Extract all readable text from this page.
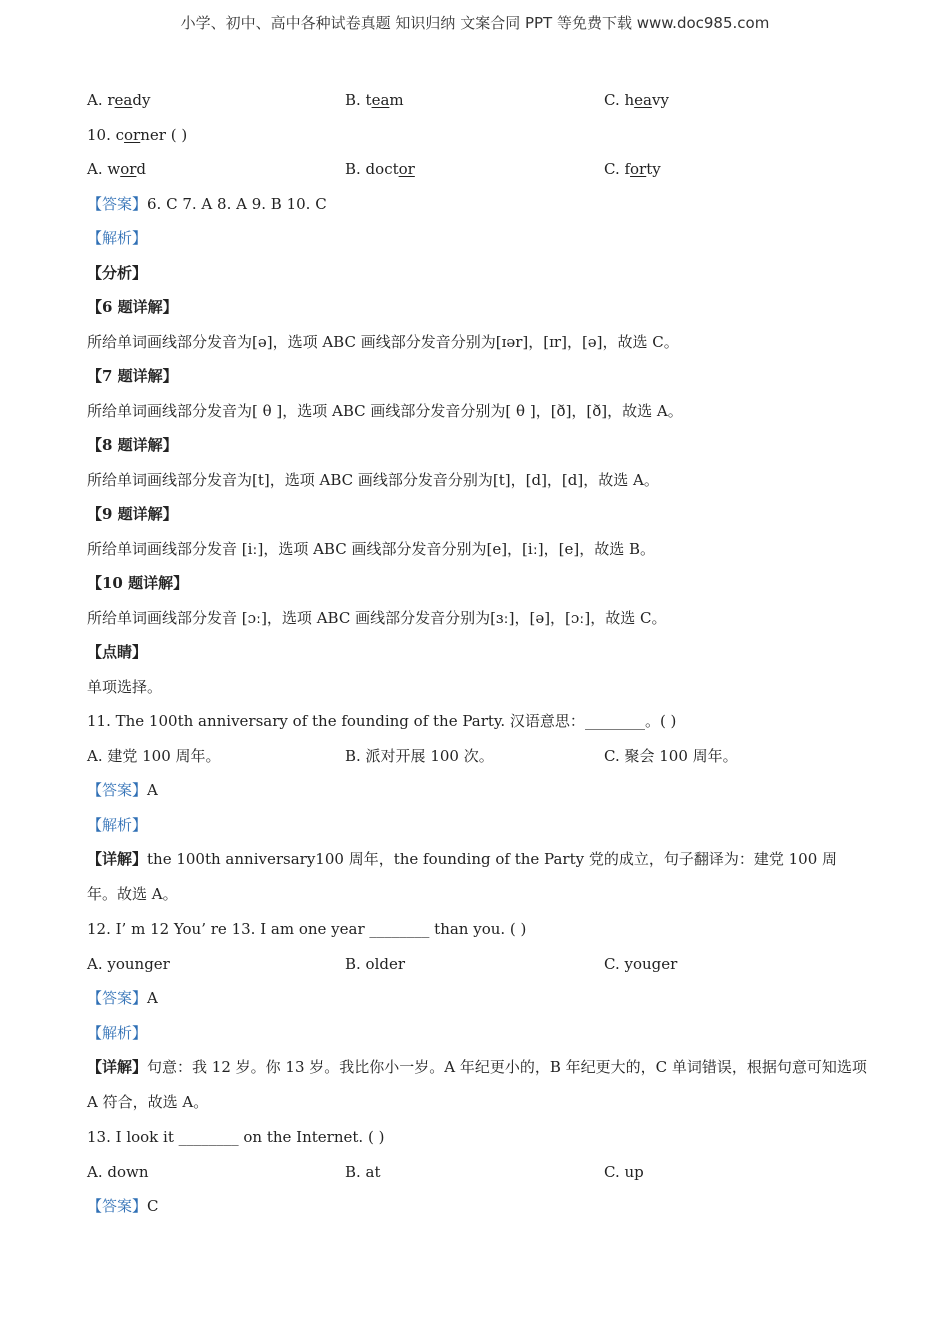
小学、初中、高中各种试卷真题 知识归纳 文案合同 PPT 等免费下载 www.doc985.com
A. ready	B. team	C. heavy
10. corner ( )
A. word	B. doctor	C. forty
【答案】6. C 7. A 8. A 9. B 10. C
【解析】
【分析】
【6 题详解】
所给单词画线部分发音为[ə]，选项 ABC 画线部分发音分别为[ɪər]，[ɪr]，[ə]，故选 C。
【7 题详解】
所给单词画线部分发音为[ θ ]，选项 ABC 画线部分发音分别为[ θ ]，[ð]，[ð]，故选 A。
【8 题详解】
所给单词画线部分发音为[t]，选项 ABC 画线部分发音分别为[t]，[d]，[d]，故选 A。
【9 题详解】
所给单词画线部分发音 [iː]，选项 ABC 画线部分发音分别为[e]，[iː]，[e]，故选 B。
【10 题详解】
所给单词画线部分发音 [ɔː]，选项 ABC 画线部分发音分别为[ɜː]，[ə]，[ɔː]，故选 C。
【点睛】
单项选择。
11. The 100th anniversary of the founding of the Party. 汉语意思：________。( )
A. 建党 100 周年。	B. 派对开展 100 次。	C. 聚会 100 周年。
【答案】A
【解析】
【详解】the 100th anniversary100 周年，the founding of the Party 党的成立，句子翻译为：建党 100 周年。故选 A。
12. I’ m 12 You’ re 13. I am one year ________ than you. ( )
A. younger	B. older	C. youger
【答案】A
【解析】
【详解】句意：我 12 岁。你 13 岁。我比你小一岁。A 年纪更小的，B 年纪更大的，C 单词错误，根据句意可知选项 A 符合，故选 A。
13. I look it ________ on the Internet. ( )
A. down	B. at	C. up
【答案】C
